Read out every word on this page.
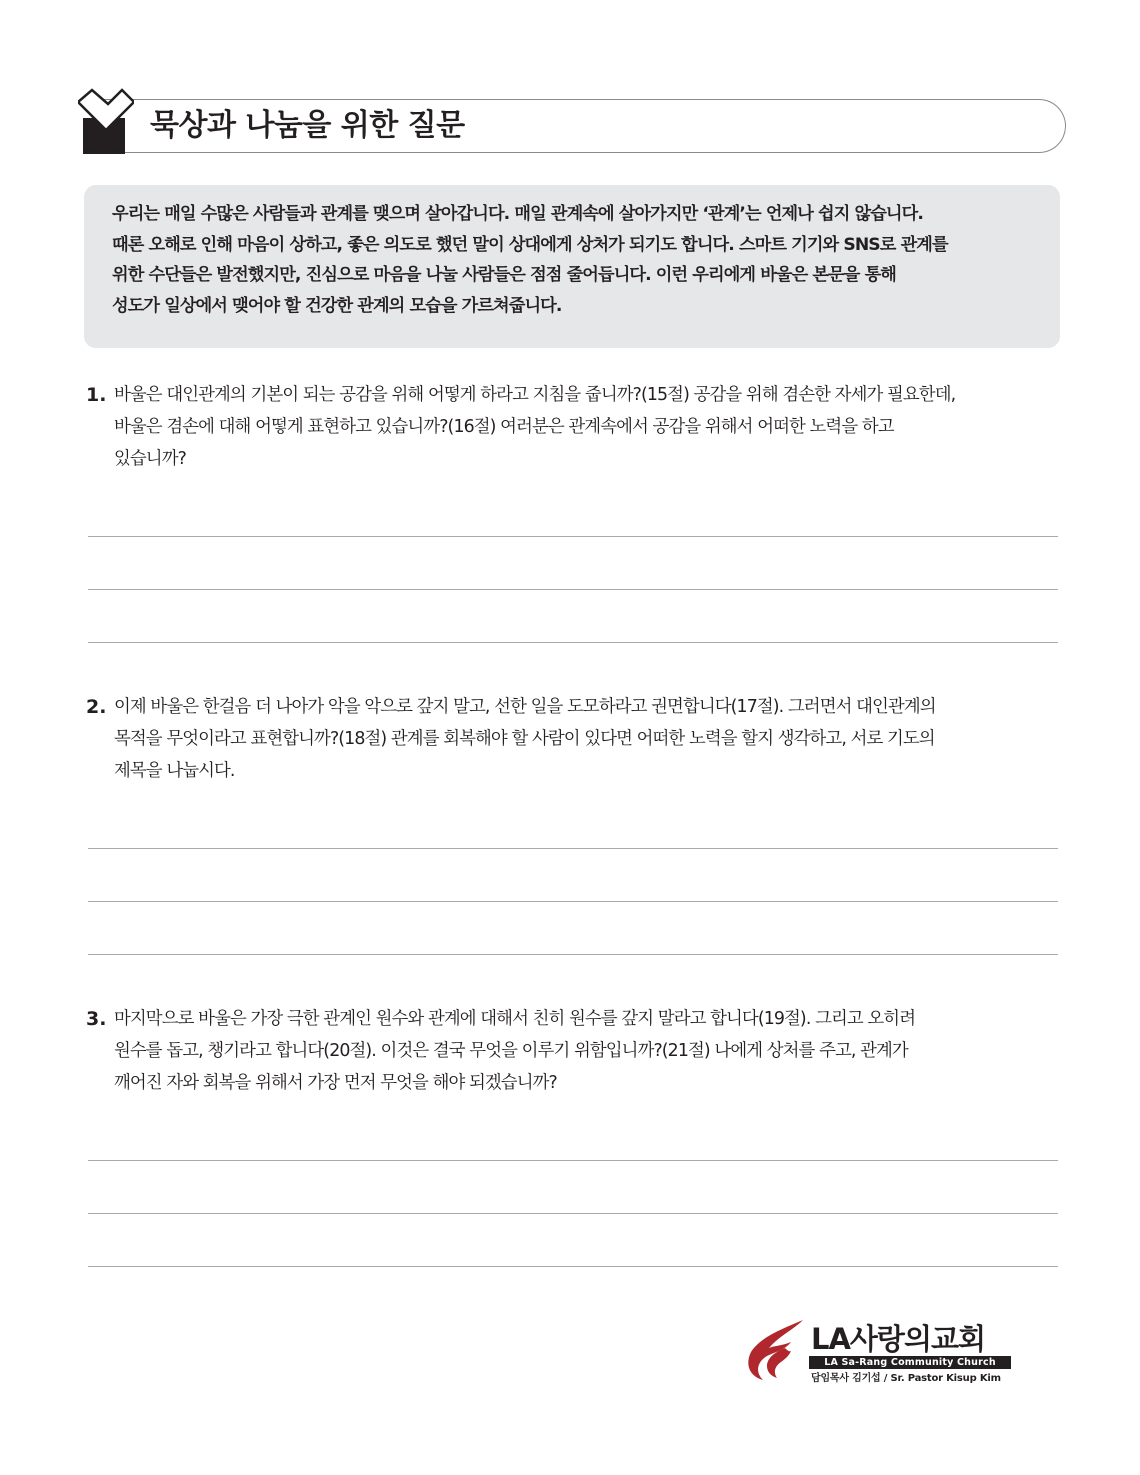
묵상과 나눔을 위한 질문
우리는 매일 수많은 사람들과 관계를 맺으며 살아갑니다. 매일 관계속에 살아가지만 ‘관계’는 언제나 쉽지 않습니다.
때론 오해로 인해 마음이 상하고, 좋은 의도로 했던 말이 상대에게 상처가 되기도 합니다. 스마트 기기와 SNS로 관계를
위한 수단들은 발전했지만, 진심으로 마음을 나눌 사람들은 점점 줄어듭니다. 이런 우리에게 바울은 본문을 통해
성도가 일상에서 맺어야 할 건강한 관계의 모습을 가르쳐줍니다.
1. 바울은 대인관계의 기본이 되는 공감을 위해 어떻게 하라고 지침을 줍니까?(15절) 공감을 위해 겸손한 자세가 필요한데,
바울은 겸손에 대해 어떻게 표현하고 있습니까?(16절) 여러분은 관계속에서 공감을 위해서 어떠한 노력을 하고
있습니까?
2. 이제 바울은 한걸음 더 나아가 악을 악으로 갚지 말고, 선한 일을 도모하라고 권면합니다(17절). 그러면서 대인관계의
목적을 무엇이라고 표현합니까?(18절) 관계를 회복해야 할 사람이 있다면 어떠한 노력을 할지 생각하고, 서로 기도의
제목을 나눕시다.
3. 마지막으로 바울은 가장 극한 관계인 원수와 관계에 대해서 친히 원수를 갚지 말라고 합니다(19절). 그리고 오히려
원수를 돕고, 챙기라고 합니다(20절). 이것은 결국 무엇을 이루기 위함입니까?(21절) 나에게 상처를 주고, 관계가
깨어진 자와 회복을 위해서 가장 먼저 무엇을 해야 되겠습니까?
LA사랑의교회
LA Sa-Rang Community Church
담임목사 김기섭 / Sr. Pastor Kisup Kim
